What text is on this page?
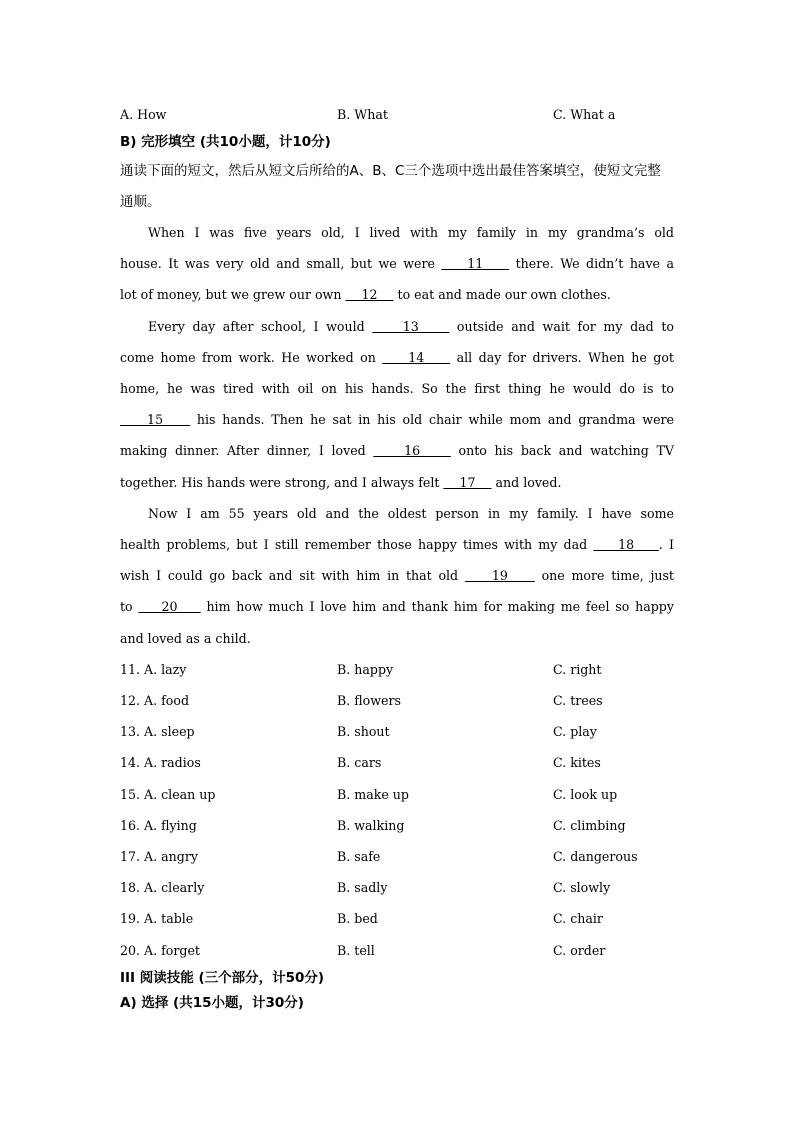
A. How	B. What	C. What a
B) 完形填空 (共10小题，计10分)
通读下面的短文，然后从短文后所给的A、B、C三个选项中选出最佳答案填空，使短文完整
通顺。
When I was five years old, I lived with my family in my grandma’s old
house. It was very old and small, but we were     11     there. We didn’t have a
lot of money, but we grew our own     12     to eat and made our own clothes.
Every day after school, I would     13     outside and wait for my dad to
come home from work. He worked on     14     all day for drivers. When he got
home, he was tired with oil on his hands. So the first thing he would do is to
15     his hands. Then he sat in his old chair while mom and grandma were
making dinner. After dinner, I loved     16     onto his back and watching TV
together. His hands were strong, and I always felt     17     and loved.
Now I am 55 years old and the oldest person in my family. I have some
health problems, but I still remember those happy times with my dad     18    . I
wish I could go back and sit with him in that old     19     one more time, just
to     20     him how much I love him and thank him for making me feel so happy
and loved as a child.
11. A. lazy	B. happy	C. right
12. A. food	B. flowers	C. trees
13. A. sleep	B. shout	C. play
14. A. radios	B. cars	C. kites
15. A. clean up	B. make up	C. look up
16. A. flying	B. walking	C. climbing
17. A. angry	B. safe	C. dangerous
18. A. clearly	B. sadly	C. slowly
19. A. table	B. bed	C. chair
20. A. forget	B. tell	C. order
III 阅读技能 (三个部分，计50分)
A) 选择 (共15小题，计30分)
